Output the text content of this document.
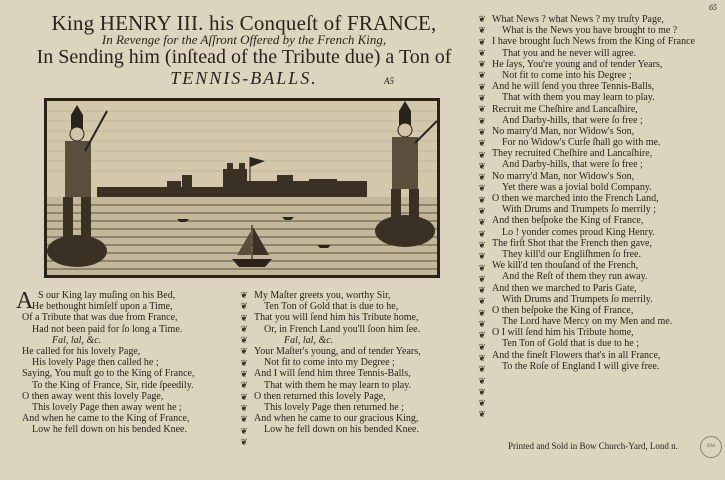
King HENRY III. his Conqueſt of FRANCE,
In Revenge for the Aſſront Offered by the French King,
In Sending him (inſtead of the Tribute due) a Ton of
TENNIS-BALLS.	A5
65
A S our King lay muſing on his Bed,
He bethought himſelf upon a Time,
Of a Tribute that was due from France,
Had not been paid for ſo long a Time.
Fal, lal, &c.
He called for his lovely Page,
His lovely Page then called he ;
Saying, You muſt go to the King of France,
To the King of France, Sir, ride ſpeedily.
O then away went this lovely Page,
This lovely Page then away went he ;
And when he came to the King of France,
Low he fell down on his bended Knee.
❦
❦
❦
❦
❦
❦
❦
❦
❦
❦
❦
❦
❦
❦
My Maſter greets you, worthy Sir,
Ten Ton of Gold that is due to he,
That you will ſend him his Tribute home,
Or, in French Land you'll ſoon him ſee.
Fal, lal, &c.
Your Maſter's young, and of tender Years,
Not fit to come into my Degree ;
And I will ſend him three Tennis-Balls,
That with them he may learn to play.
O then returned this lovely Page,
This lovely Page then returned he ;
And when he came to our gracious King,
Low he fell down on his bended Knee.
❦
❦
❦
❦
❦
❦
❦
❦
❦
❦
❦
❦
❦
❦
❦
❦
❦
❦
❦
❦
❦
❦
❦
❦
❦
❦
❦
❦
❦
❦
❦
❦
❦
❦
❦
❦
What News ? what News ? my truſty Page,
What is the News you have brought to me ?
I have brought ſuch News from the King of France
That you and he never will agree.
He ſays, You're young and of tender Years,
Not fit to come into his Degree ;
And he will ſend you three Tennis-Balls,
That with them you may learn to play.
Recruit me Cheſhire and Lancaſhire,
And Darby-hills, that were ſo free ;
No marry'd Man, nor Widow's Son,
For no Widow's Curſe ſhall go with me.
They recruited Cheſhire and Lancaſhire,
And Darby-hills, that were ſo free ;
No marry'd Man, nor Widow's Son,
Yet there was a jovial bold Company.
O then we marched into the French Land,
With Drums and Trumpets ſo merrily ;
And then beſpoke the King of France,
Lo ! yonder comes proud King Henry.
The firſt Shot that the French then gave,
They kill'd our Engliſhmen ſo free.
We kill'd ten thouſand of the French,
And the Reſt of them they run away.
And then we marched to Paris Gate,
With Drums and Trumpets ſo merrily.
O then beſpoke the King of France,
The Lord have Mercy on my Men and me.
O I will ſend him his Tribute home,
Ten Ton of Gold that is due to he ;
And the fineſt Flowers that's in all France,
To the Roſe of England I will give free.
Printed and Sold in Bow Church-Yard, Lond n.	BM
